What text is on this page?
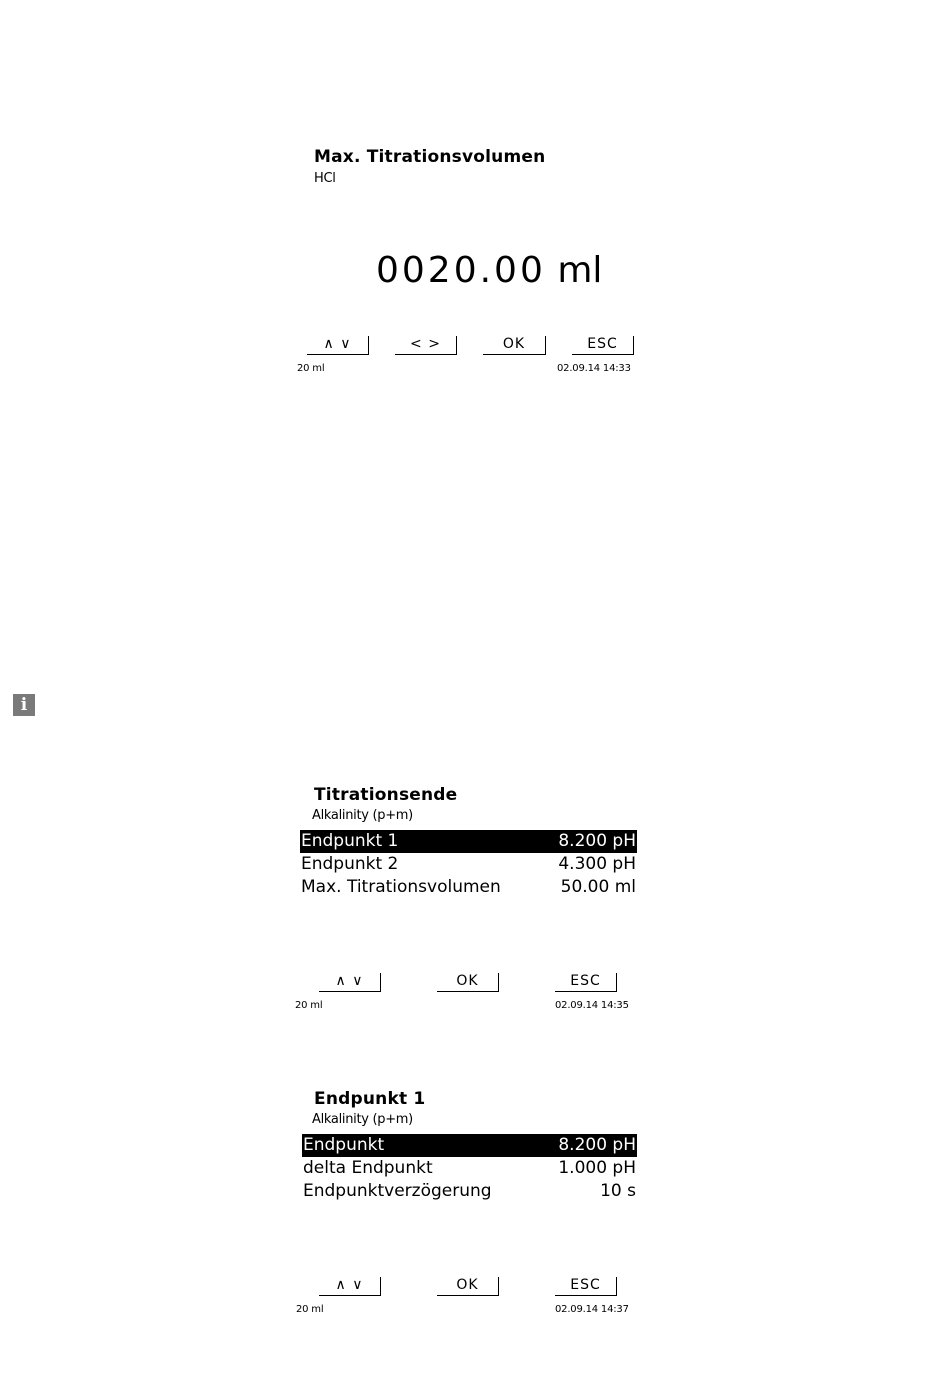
Max. Titrationsvolumen
HCl
0020.00 ml
∧ ∨	< >	OK	ESC
20 ml	02.09.14 14:33
i
Titrationsende
Alkalinity (p+m)
Endpunkt 1	8.200 pH
Endpunkt 2	4.300 pH
Max. Titrationsvolumen	50.00 ml
∧ ∨	OK	ESC
20 ml	02.09.14 14:35
Endpunkt 1
Alkalinity (p+m)
Endpunkt	8.200 pH
delta Endpunkt	1.000 pH
Endpunktverzögerung	10 s
∧ ∨	OK	ESC
20 ml	02.09.14 14:37
